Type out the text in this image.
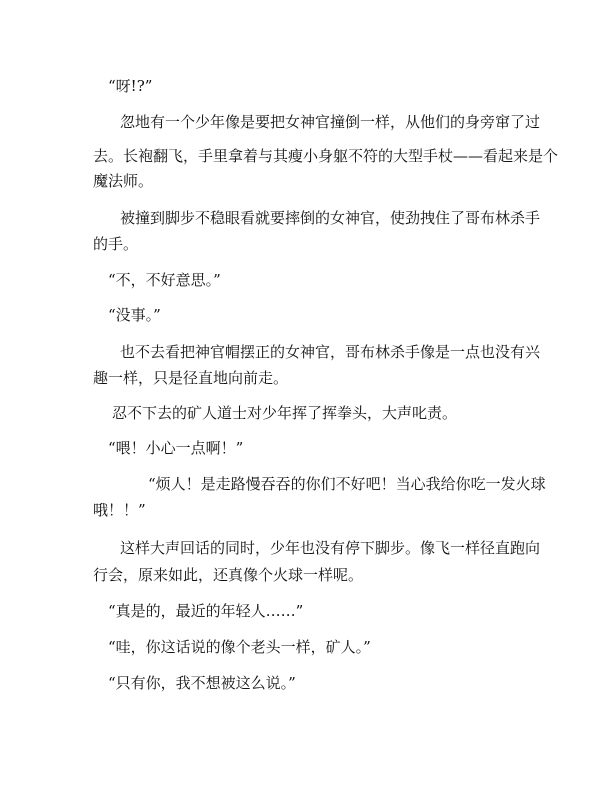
“呀!?”

忽地有一个少年像是要把女神官撞倒一样，从他们的身旁窜了过

去。长袍翻飞，手里拿着与其瘦小身躯不符的大型手杖——看起来是个

魔法师。

被撞到脚步不稳眼看就要摔倒的女神官，使劲拽住了哥布林杀手

的手。

“不，不好意思。”

“没事。”

也不去看把神官帽摆正的女神官，哥布林杀手像是一点也没有兴

趣一样，只是径直地向前走。

忍不下去的矿人道士对少年挥了挥拳头，大声叱责。

“喂！小心一点啊！”

“烦人！是走路慢吞吞的你们不好吧！当心我给你吃一发火球

哦！！”

这样大声回话的同时，少年也没有停下脚步。像飞一样径直跑向

行会，原来如此，还真像个火球一样呢。

“真是的，最近的年轻人……”

“哇，你这话说的像个老头一样，矿人。”

“只有你，我不想被这么说。”
